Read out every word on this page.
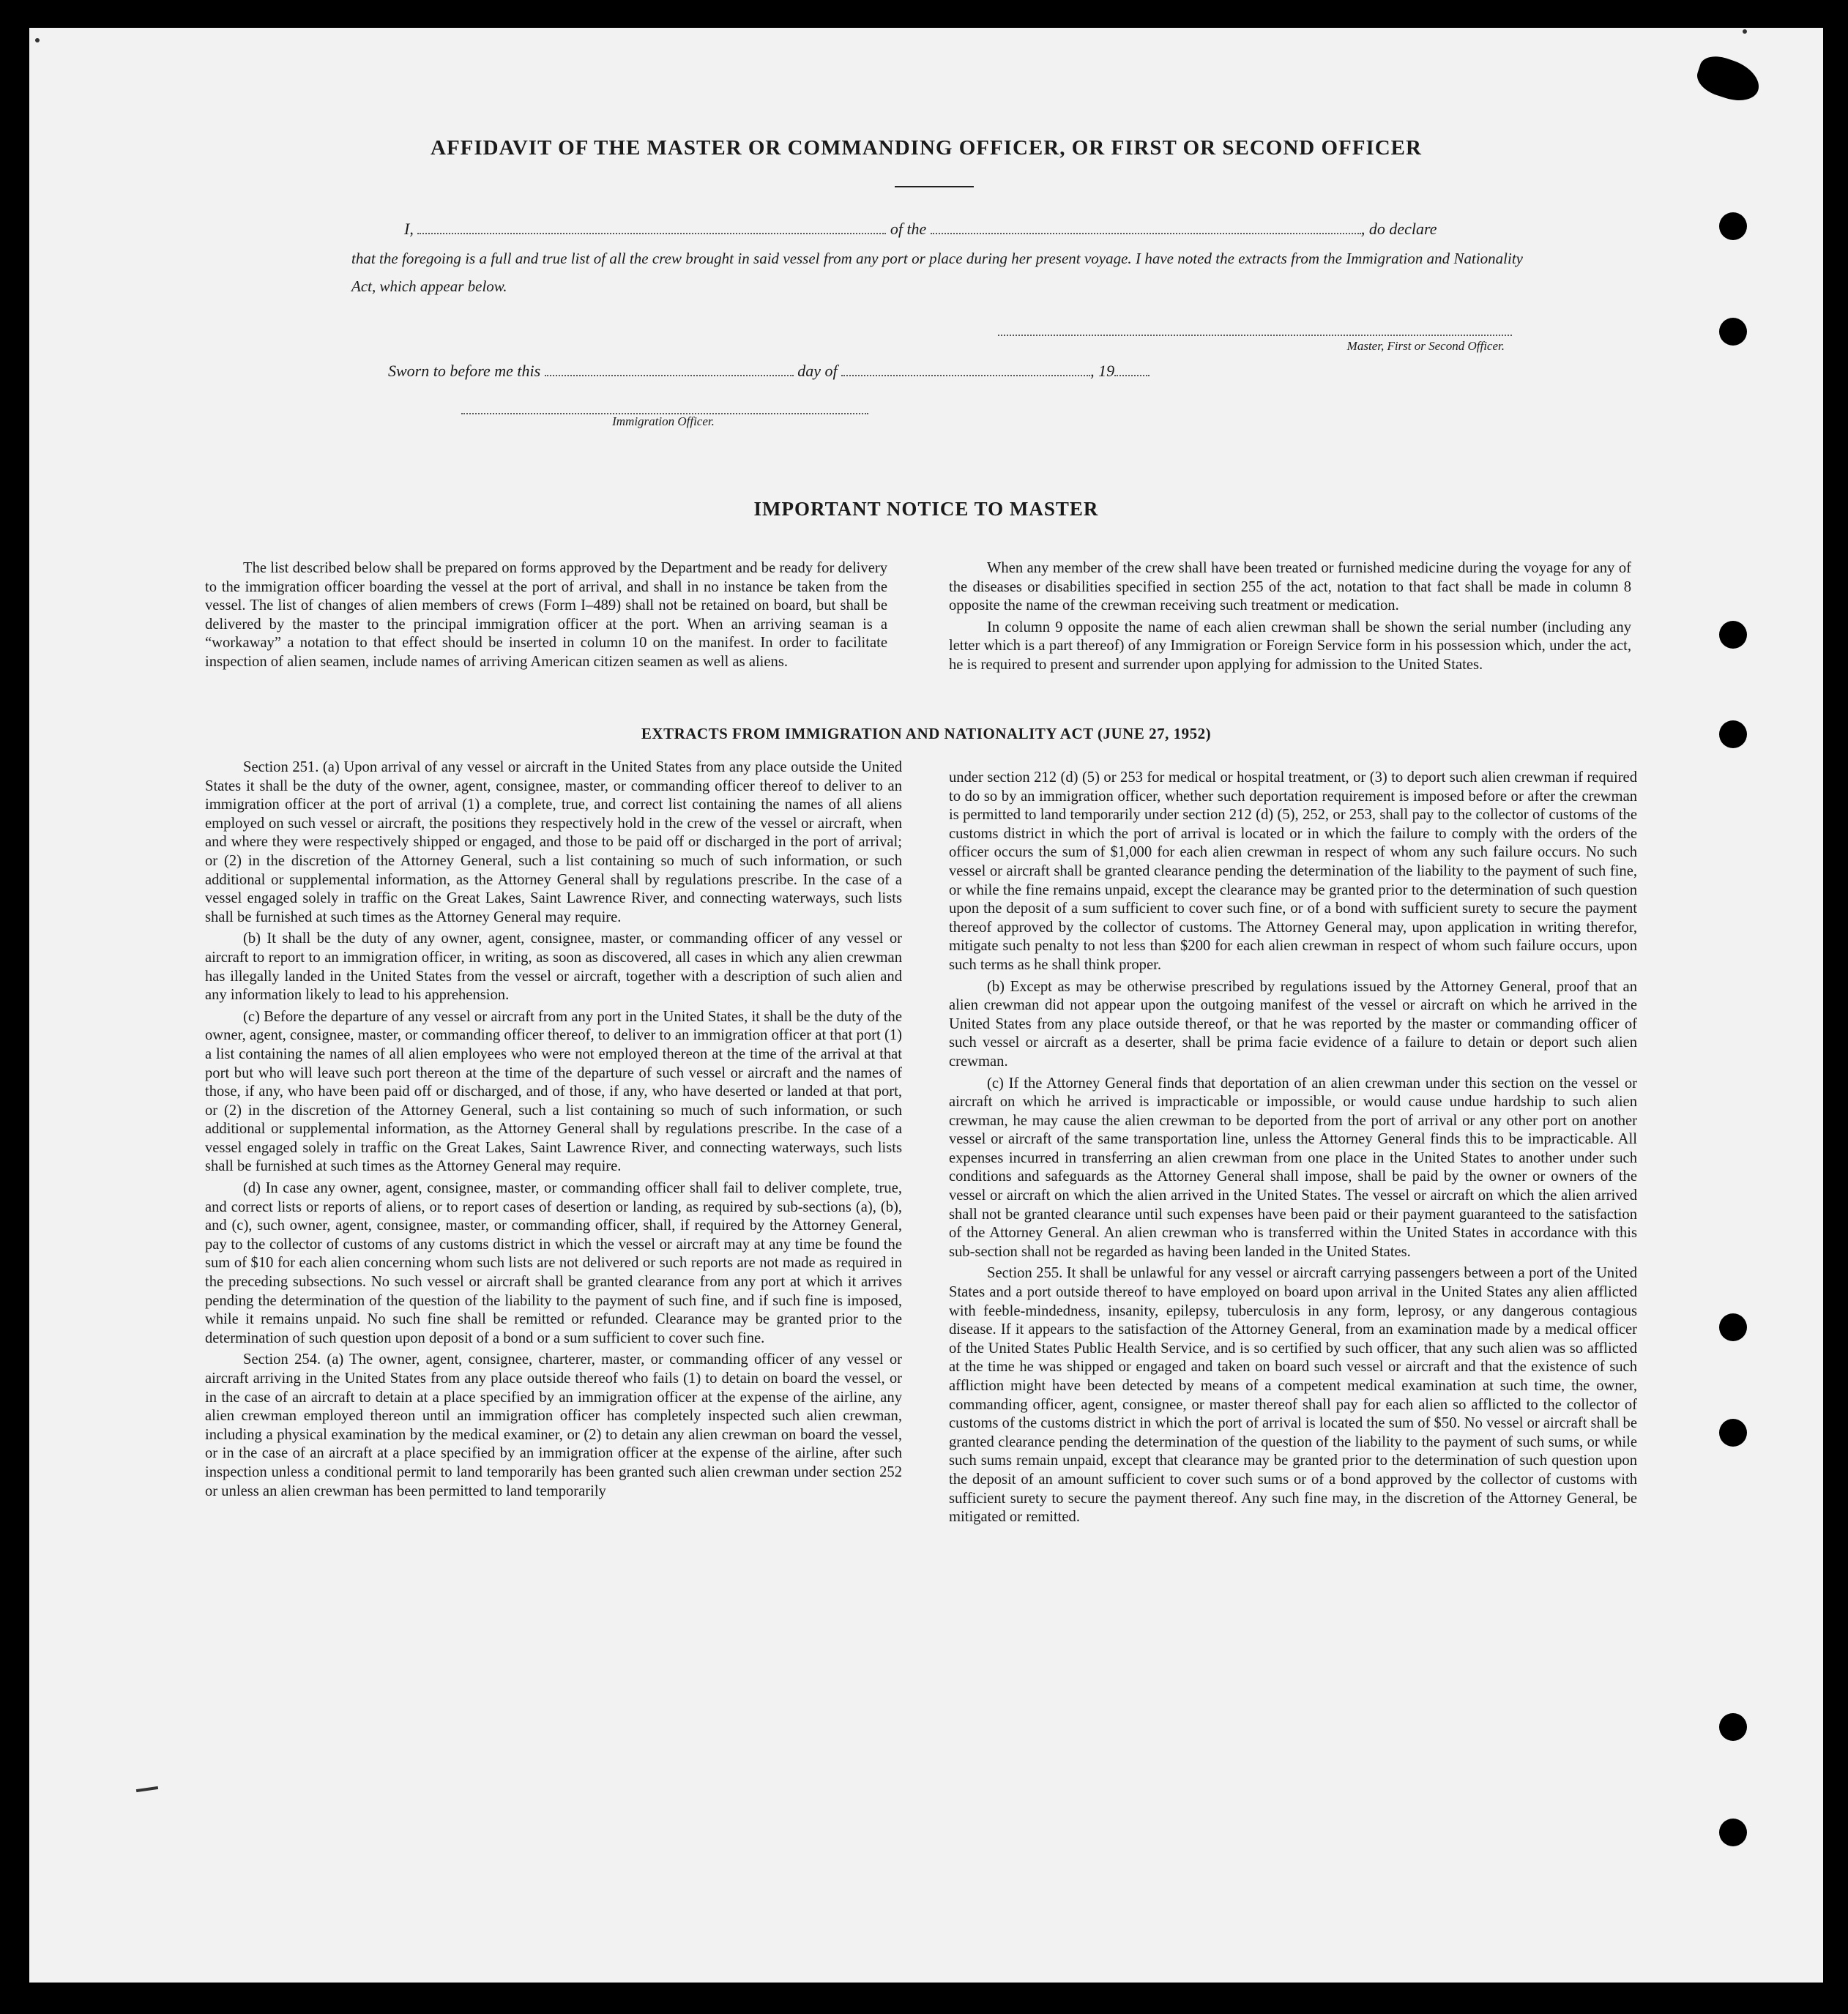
AFFIDAVIT OF THE MASTER OR COMMANDING OFFICER, OR FIRST OR SECOND OFFICER
I,	of the	, do declare
that the foregoing is a full and true list of all the crew brought in said vessel from any port or place during her present voyage. I have noted the extracts from the Immigration and Nationality Act, which appear below.
Master, First or Second Officer.
Sworn to before me this	day of	, 19
Immigration Officer.
IMPORTANT NOTICE TO MASTER

The list described below shall be prepared on forms approved by the Department and be ready for delivery to the immigration officer boarding the vessel at the port of arrival, and shall in no instance be taken from the vessel. The list of changes of alien members of crews (Form I–489) shall not be retained on board, but shall be delivered by the master to the principal immigration officer at the port. When an arriving seaman is a “workaway” a notation to that effect should be inserted in column 10 on the manifest. In order to facilitate inspection of alien seamen, include names of arriving American citizen seamen as well as aliens.

When any member of the crew shall have been treated or furnished medicine during the voyage for any of the diseases or disabilities specified in section 255 of the act, notation to that fact shall be made in column 8 opposite the name of the crewman receiving such treatment or medication.

In column 9 opposite the name of each alien crewman shall be shown the serial number (including any letter which is a part thereof) of any Immigration or Foreign Service form in his possession which, under the act, he is required to present and surrender upon applying for admission to the United States.

EXTRACTS FROM IMMIGRATION AND NATIONALITY ACT (JUNE 27, 1952)

Section 251. (a) Upon arrival of any vessel or aircraft in the United States from any place outside the United States it shall be the duty of the owner, agent, consignee, master, or commanding officer thereof to deliver to an immigration officer at the port of arrival (1) a complete, true, and correct list containing the names of all aliens employed on such vessel or aircraft, the positions they respectively hold in the crew of the vessel or aircraft, when and where they were respectively shipped or engaged, and those to be paid off or discharged in the port of arrival; or (2) in the discretion of the Attorney General, such a list containing so much of such information, or such additional or supplemental information, as the Attorney General shall by regulations prescribe. In the case of a vessel engaged solely in traffic on the Great Lakes, Saint Lawrence River, and connecting waterways, such lists shall be furnished at such times as the Attorney General may require.

(b) It shall be the duty of any owner, agent, consignee, master, or commanding officer of any vessel or aircraft to report to an immigration officer, in writing, as soon as discovered, all cases in which any alien crewman has illegally landed in the United States from the vessel or aircraft, together with a description of such alien and any information likely to lead to his apprehension.

(c) Before the departure of any vessel or aircraft from any port in the United States, it shall be the duty of the owner, agent, consignee, master, or commanding officer thereof, to deliver to an immigration officer at that port (1) a list containing the names of all alien employees who were not employed thereon at the time of the arrival at that port but who will leave such port thereon at the time of the departure of such vessel or aircraft and the names of those, if any, who have been paid off or discharged, and of those, if any, who have deserted or landed at that port, or (2) in the discretion of the Attorney General, such a list containing so much of such information, or such additional or supplemental information, as the Attorney General shall by regulations prescribe. In the case of a vessel engaged solely in traffic on the Great Lakes, Saint Lawrence River, and connecting waterways, such lists shall be furnished at such times as the Attorney General may require.

(d) In case any owner, agent, consignee, master, or commanding officer shall fail to deliver complete, true, and correct lists or reports of aliens, or to report cases of desertion or landing, as required by sub-sections (a), (b), and (c), such owner, agent, consignee, master, or commanding officer, shall, if required by the Attorney General, pay to the collector of customs of any customs district in which the vessel or aircraft may at any time be found the sum of $10 for each alien concerning whom such lists are not delivered or such reports are not made as required in the preceding subsections. No such vessel or aircraft shall be granted clearance from any port at which it arrives pending the determination of the question of the liability to the payment of such fine, and if such fine is imposed, while it remains unpaid. No such fine shall be remitted or refunded. Clearance may be granted prior to the determination of such question upon deposit of a bond or a sum sufficient to cover such fine.

Section 254. (a) The owner, agent, consignee, charterer, master, or commanding officer of any vessel or aircraft arriving in the United States from any place outside thereof who fails (1) to detain on board the vessel, or in the case of an aircraft to detain at a place specified by an immigration officer at the expense of the airline, any alien crewman employed thereon until an immigration officer has completely inspected such alien crewman, including a physical examination by the medical examiner, or (2) to detain any alien crewman on board the vessel, or in the case of an aircraft at a place specified by an immigration officer at the expense of the airline, after such inspection unless a conditional permit to land temporarily has been granted such alien crewman under section 252 or unless an alien crewman has been permitted to land temporarily

under section 212 (d) (5) or 253 for medical or hospital treatment, or (3) to deport such alien crewman if required to do so by an immigration officer, whether such deportation requirement is imposed before or after the crewman is permitted to land temporarily under section 212 (d) (5), 252, or 253, shall pay to the collector of customs of the customs district in which the port of arrival is located or in which the failure to comply with the orders of the officer occurs the sum of $1,000 for each alien crewman in respect of whom any such failure occurs. No such vessel or aircraft shall be granted clearance pending the determination of the liability to the payment of such fine, or while the fine remains unpaid, except the clearance may be granted prior to the determination of such question upon the deposit of a sum sufficient to cover such fine, or of a bond with sufficient surety to secure the payment thereof approved by the collector of customs. The Attorney General may, upon application in writing therefor, mitigate such penalty to not less than $200 for each alien crewman in respect of whom such failure occurs, upon such terms as he shall think proper.

(b) Except as may be otherwise prescribed by regulations issued by the Attorney General, proof that an alien crewman did not appear upon the outgoing manifest of the vessel or aircraft on which he arrived in the United States from any place outside thereof, or that he was reported by the master or commanding officer of such vessel or aircraft as a deserter, shall be prima facie evidence of a failure to detain or deport such alien crewman.

(c) If the Attorney General finds that deportation of an alien crewman under this section on the vessel or aircraft on which he arrived is impracticable or impossible, or would cause undue hardship to such alien crewman, he may cause the alien crewman to be deported from the port of arrival or any other port on another vessel or aircraft of the same transportation line, unless the Attorney General finds this to be impracticable. All expenses incurred in transferring an alien crewman from one place in the United States to another under such conditions and safeguards as the Attorney General shall impose, shall be paid by the owner or owners of the vessel or aircraft on which the alien arrived in the United States. The vessel or aircraft on which the alien arrived shall not be granted clearance until such expenses have been paid or their payment guaranteed to the satisfaction of the Attorney General. An alien crewman who is transferred within the United States in accordance with this sub-section shall not be regarded as having been landed in the United States.

Section 255. It shall be unlawful for any vessel or aircraft carrying passengers between a port of the United States and a port outside thereof to have employed on board upon arrival in the United States any alien afflicted with feeble-mindedness, insanity, epilepsy, tuberculosis in any form, leprosy, or any dangerous contagious disease. If it appears to the satisfaction of the Attorney General, from an examination made by a medical officer of the United States Public Health Service, and is so certified by such officer, that any such alien was so afflicted at the time he was shipped or engaged and taken on board such vessel or aircraft and that the existence of such affliction might have been detected by means of a competent medical examination at such time, the owner, commanding officer, agent, consignee, or master thereof shall pay for each alien so afflicted to the collector of customs of the customs district in which the port of arrival is located the sum of $50. No vessel or aircraft shall be granted clearance pending the determination of the question of the liability to the payment of such sums, or while such sums remain unpaid, except that clearance may be granted prior to the determination of such question upon the deposit of an amount sufficient to cover such sums or of a bond approved by the collector of customs with sufficient surety to secure the payment thereof. Any such fine may, in the discretion of the Attorney General, be mitigated or remitted.
